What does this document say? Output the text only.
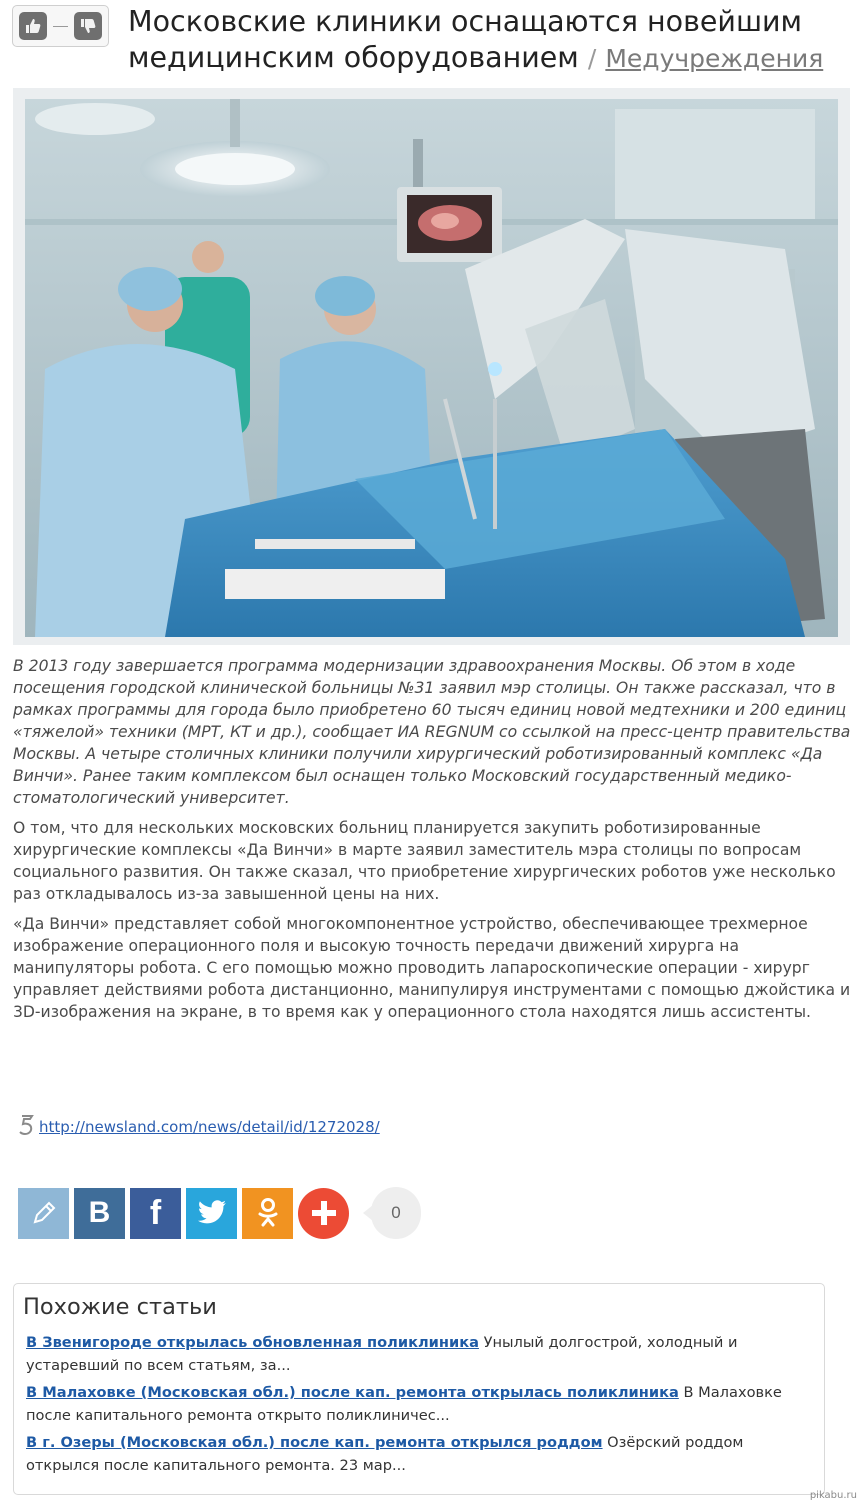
Московские клиники оснащаются новейшим медицинским оборудованием / Медучреждения

В 2013 году завершается программа модернизации здравоохранения Москвы. Об этом в ходе посещения городской клинической больницы №31 заявил мэр столицы. Он также рассказал, что в рамках программы для города было приобретено 60 тысяч единиц новой медтехники и 200 единиц «тяжелой» техники (МРТ, КТ и др.), сообщает ИА REGNUM со ссылкой на пресс-центр правительства Москвы. А четыре столичных клиники получили хирургический роботизированный комплекс «Да Винчи». Ранее таким комплексом был оснащен только Московский государственный медико-стоматологический университет.

О том, что для нескольких московских больниц планируется закупить роботизированные хирургические комплексы «Да Винчи» в марте заявил заместитель мэра столицы по вопросам социального развития. Он также сказал, что приобретение хирургических роботов уже несколько раз откладывалось из-за завышенной цены на них.

«Да Винчи» представляет собой многокомпонентное устройство, обеспечивающее трехмерное изображение операционного поля и высокую точность передачи движений хирурга на манипуляторы робота. С его помощью можно проводить лапароскопические операции - хирург управляет действиями робота дистанционно, манипулируя инструментами с помощью джойстика и 3D-изображения на экране, в то время как у операционного стола находятся лишь ассистенты.

http://newsland.com/news/detail/id/1272028/
B	f	0
Похожие статьи
В Звенигороде открылась обновленная поликлиника Унылый долгострой, холодный и устаревший по всем статьям, за...
В Малаховке (Московская обл.) после кап. ремонта открылась поликлиника В Малаховке после капитального ремонта открыто поликлиничес...
В г. Озеры (Московская обл.) после кап. ремонта открылся роддом Озёрский роддом открылся после капитального ремонта. 23 мар...
pikabu.ru
